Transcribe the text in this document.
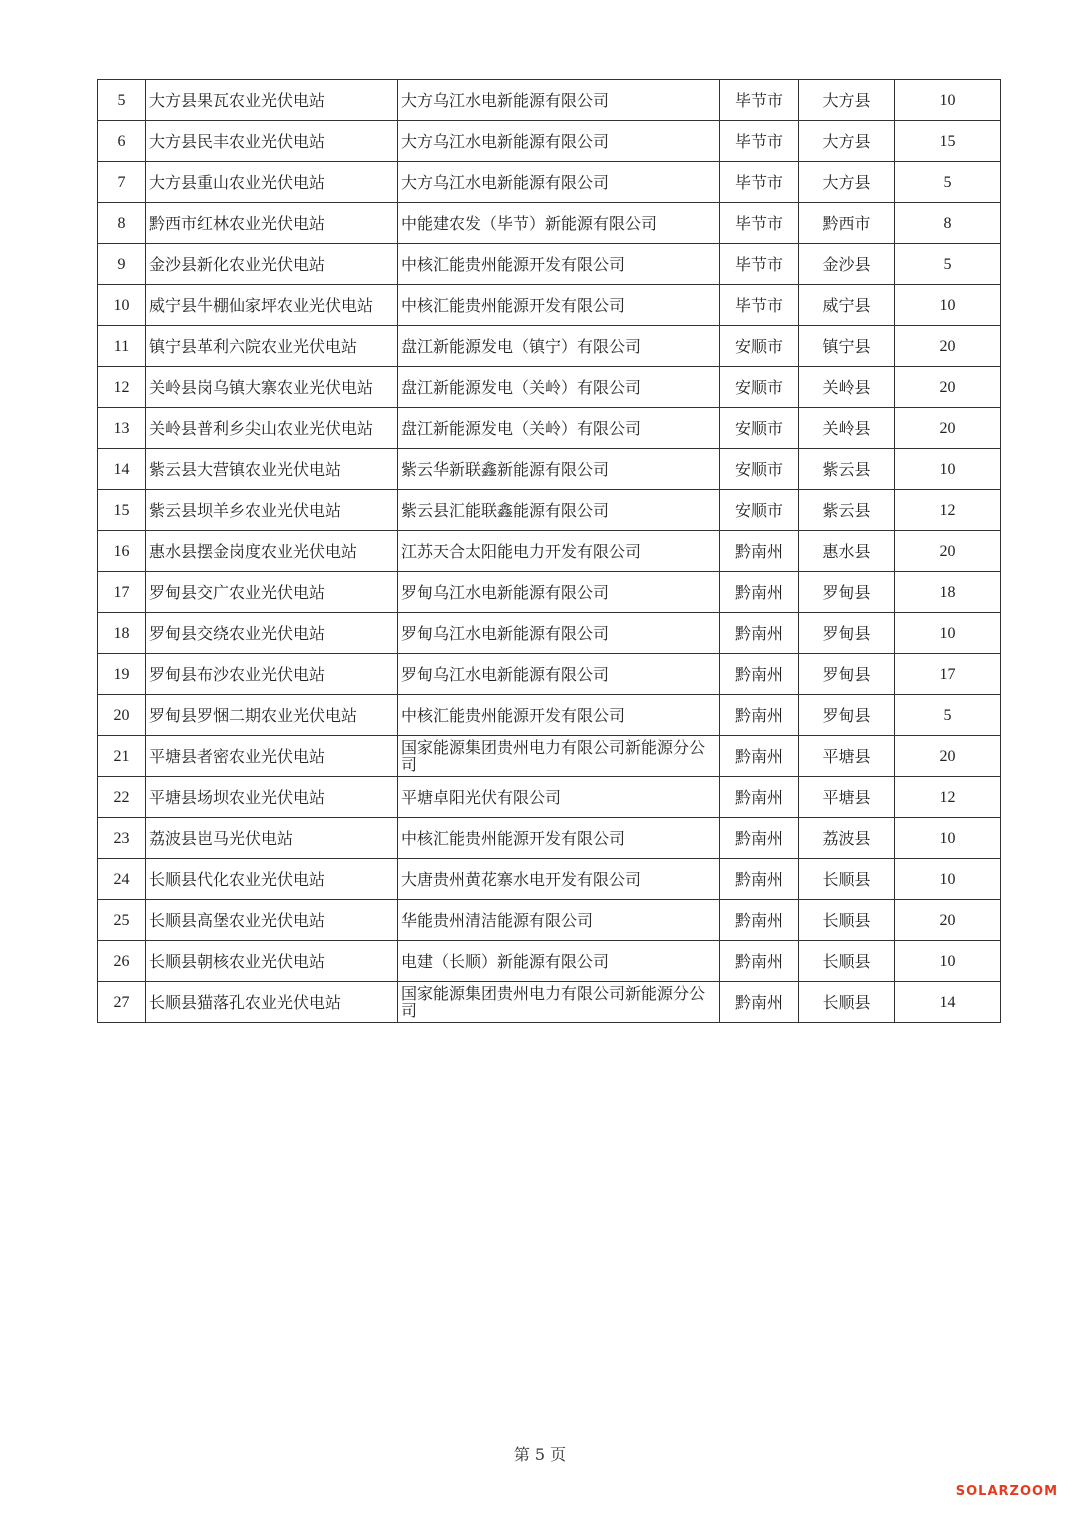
5	大方县果瓦农业光伏电站	大方乌江水电新能源有限公司	毕节市	大方县	10
6	大方县民丰农业光伏电站	大方乌江水电新能源有限公司	毕节市	大方县	15
7	大方县重山农业光伏电站	大方乌江水电新能源有限公司	毕节市	大方县	5
8	黔西市红林农业光伏电站	中能建农发（毕节）新能源有限公司	毕节市	黔西市	8
9	金沙县新化农业光伏电站	中核汇能贵州能源开发有限公司	毕节市	金沙县	5
10	威宁县牛棚仙家坪农业光伏电站	中核汇能贵州能源开发有限公司	毕节市	威宁县	10
11	镇宁县革利六院农业光伏电站	盘江新能源发电（镇宁）有限公司	安顺市	镇宁县	20
12	关岭县岗乌镇大寨农业光伏电站	盘江新能源发电（关岭）有限公司	安顺市	关岭县	20
13	关岭县普利乡尖山农业光伏电站	盘江新能源发电（关岭）有限公司	安顺市	关岭县	20
14	紫云县大营镇农业光伏电站	紫云华新联鑫新能源有限公司	安顺市	紫云县	10
15	紫云县坝羊乡农业光伏电站	紫云县汇能联鑫能源有限公司	安顺市	紫云县	12
16	惠水县摆金岗度农业光伏电站	江苏天合太阳能电力开发有限公司	黔南州	惠水县	20
17	罗甸县交广农业光伏电站	罗甸乌江水电新能源有限公司	黔南州	罗甸县	18
18	罗甸县交绕农业光伏电站	罗甸乌江水电新能源有限公司	黔南州	罗甸县	10
19	罗甸县布沙农业光伏电站	罗甸乌江水电新能源有限公司	黔南州	罗甸县	17
20	罗甸县罗悃二期农业光伏电站	中核汇能贵州能源开发有限公司	黔南州	罗甸县	5
21	平塘县者密农业光伏电站	国家能源集团贵州电力有限公司新能源分公司	黔南州	平塘县	20
22	平塘县场坝农业光伏电站	平塘卓阳光伏有限公司	黔南州	平塘县	12
23	荔波县岜马光伏电站	中核汇能贵州能源开发有限公司	黔南州	荔波县	10
24	长顺县代化农业光伏电站	大唐贵州黄花寨水电开发有限公司	黔南州	长顺县	10
25	长顺县高堡农业光伏电站	华能贵州清洁能源有限公司	黔南州	长顺县	20
26	长顺县朝核农业光伏电站	电建（长顺）新能源有限公司	黔南州	长顺县	10
27	长顺县猫落孔农业光伏电站	国家能源集团贵州电力有限公司新能源分公司	黔南州	长顺县	14
第 5 页
SOLARZOOM
